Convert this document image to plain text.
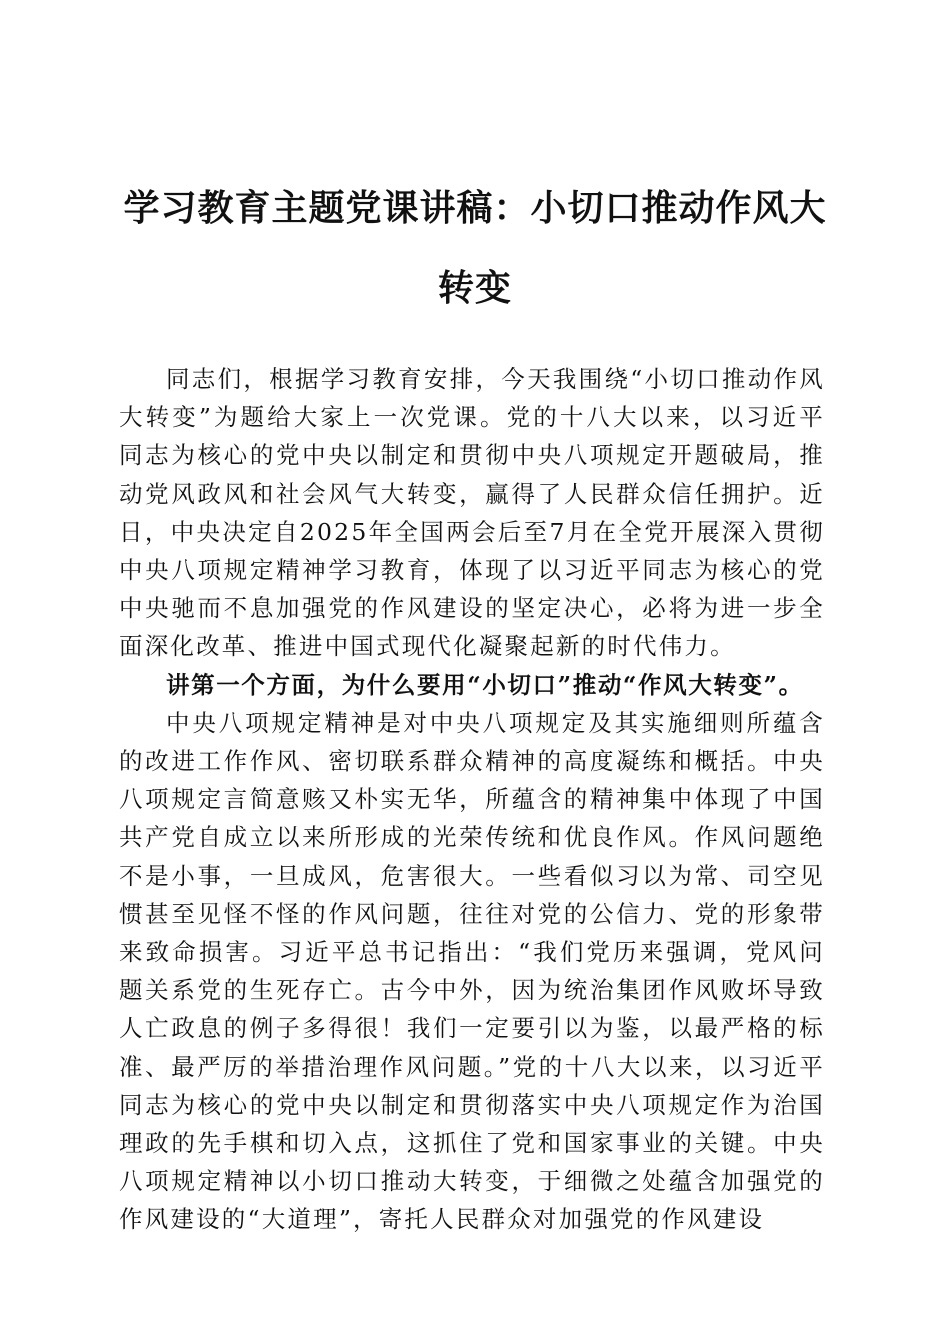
学习教育主题党课讲稿：小切口推动作风大转变

同志们，根据学习教育安排，今天我围绕“小切口推动作风大转变”为题给大家上一次党课。党的十八大以来，以习近平同志为核心的党中央以制定和贯彻中央八项规定开题破局，推动党风政风和社会风气大转变，赢得了人民群众信任拥护。近日，中央决定自2025年全国两会后至7月在全党开展深入贯彻中央八项规定精神学习教育，体现了以习近平同志为核心的党中央驰而不息加强党的作风建设的坚定决心，必将为进一步全面深化改革、推进中国式现代化凝聚起新的时代伟力。

讲第一个方面，为什么要用“小切口”推动“作风大转变”。

中央八项规定精神是对中央八项规定及其实施细则所蕴含的改进工作作风、密切联系群众精神的高度凝练和概括。中央八项规定言简意赅又朴实无华，所蕴含的精神集中体现了中国共产党自成立以来所形成的光荣传统和优良作风。作风问题绝不是小事，一旦成风，危害很大。一些看似习以为常、司空见惯甚至见怪不怪的作风问题，往往对党的公信力、党的形象带来致命损害。习近平总书记指出：“我们党历来强调，党风问题关系党的生死存亡。古今中外，因为统治集团作风败坏导致人亡政息的例子多得很！我们一定要引以为鉴，以最严格的标准、最严厉的举措治理作风问题。”党的十八大以来，以习近平同志为核心的党中央以制定和贯彻落实中央八项规定作为治国理政的先手棋和切入点，这抓住了党和国家事业的关键。中央八项规定精神以小切口推动大转变，于细微之处蕴含加强党的作风建设的“大道理”，寄托人民群众对加强党的作风建设
